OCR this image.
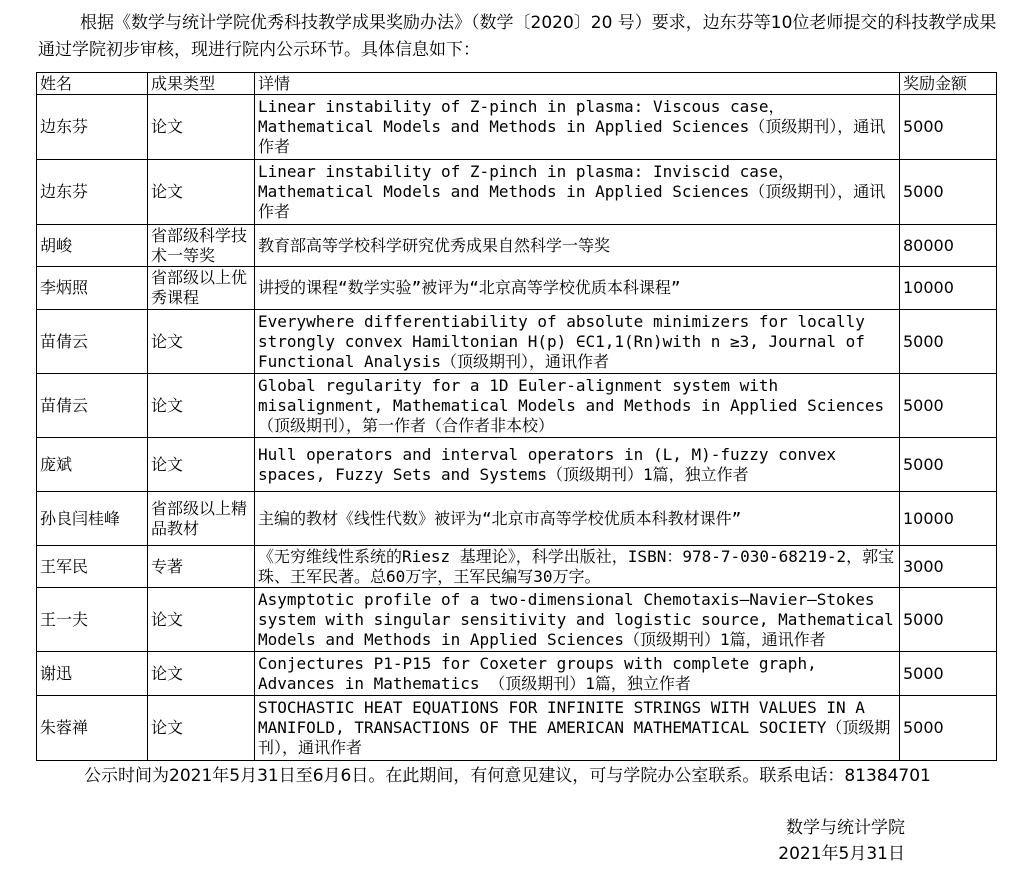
根据《数学与统计学院优秀科技教学成果奖励办法》（数学〔2020〕20 号）要求，边东芬等10位老师提交的科技教学成果通过学院初步审核，现进行院内公示环节。具体信息如下：

姓名	成果类型	详情	奖励金额
边东芬	论文	Linear instability of Z-pinch in plasma: Viscous case，Mathematical Models and Methods in Applied Sciences（顶级期刊），通讯作者	5000
边东芬	论文	Linear instability of Z-pinch in plasma: Inviscid case，Mathematical Models and Methods in Applied Sciences（顶级期刊），通讯作者	5000
胡峻	省部级科学技术一等奖	教育部高等学校科学研究优秀成果自然科学一等奖	80000
李炳照	省部级以上优秀课程	讲授的课程“数学实验”被评为“北京高等学校优质本科课程”	10000
苗倩云	论文	Everywhere differentiability of absolute minimizers for locally strongly convex Hamiltonian H(p) ∈C1,1(Rn)with n ≥3, Journal of Functional Analysis（顶级期刊），通讯作者	5000
苗倩云	论文	Global regularity for a 1D Euler-alignment system with misalignment, Mathematical Models and Methods in Applied Sciences（顶级期刊），第一作者（合作者非本校）	5000
庞斌	论文	Hull operators and interval operators in (L, M)-fuzzy convex spaces, Fuzzy Sets and Systems（顶级期刊）1篇，独立作者	5000
孙良闫桂峰	省部级以上精品教材	主编的教材《线性代数》被评为“北京市高等学校优质本科教材课件”	10000
王军民	专著	《无穷维线性系统的Riesz 基理论》，科学出版社，ISBN：978-7-030-68219-2，郭宝珠、王军民著。总60万字，王军民编写30万字。	3000
王一夫	论文	Asymptotic profile of a two-dimensional Chemotaxis–Navier–Stokes system with singular sensitivity and logistic source, Mathematical Models and Methods in Applied Sciences（顶级期刊）1篇，通讯作者	5000
谢迅	论文	Conjectures P1-P15 for Coxeter groups with complete graph, Advances in Mathematics （顶级期刊）1篇，独立作者	5000
朱蓉禅	论文	STOCHASTIC HEAT EQUATIONS FOR INFINITE STRINGS WITH VALUES IN A MANIFOLD, TRANSACTIONS OF THE AMERICAN MATHEMATICAL SOCIETY（顶级期刊），通讯作者	5000

公示时间为2021年5月31日至6月6日。在此期间，有何意见建议，可与学院办公室联系。联系电话：81384701

数学与统计学院
2021年5月31日
